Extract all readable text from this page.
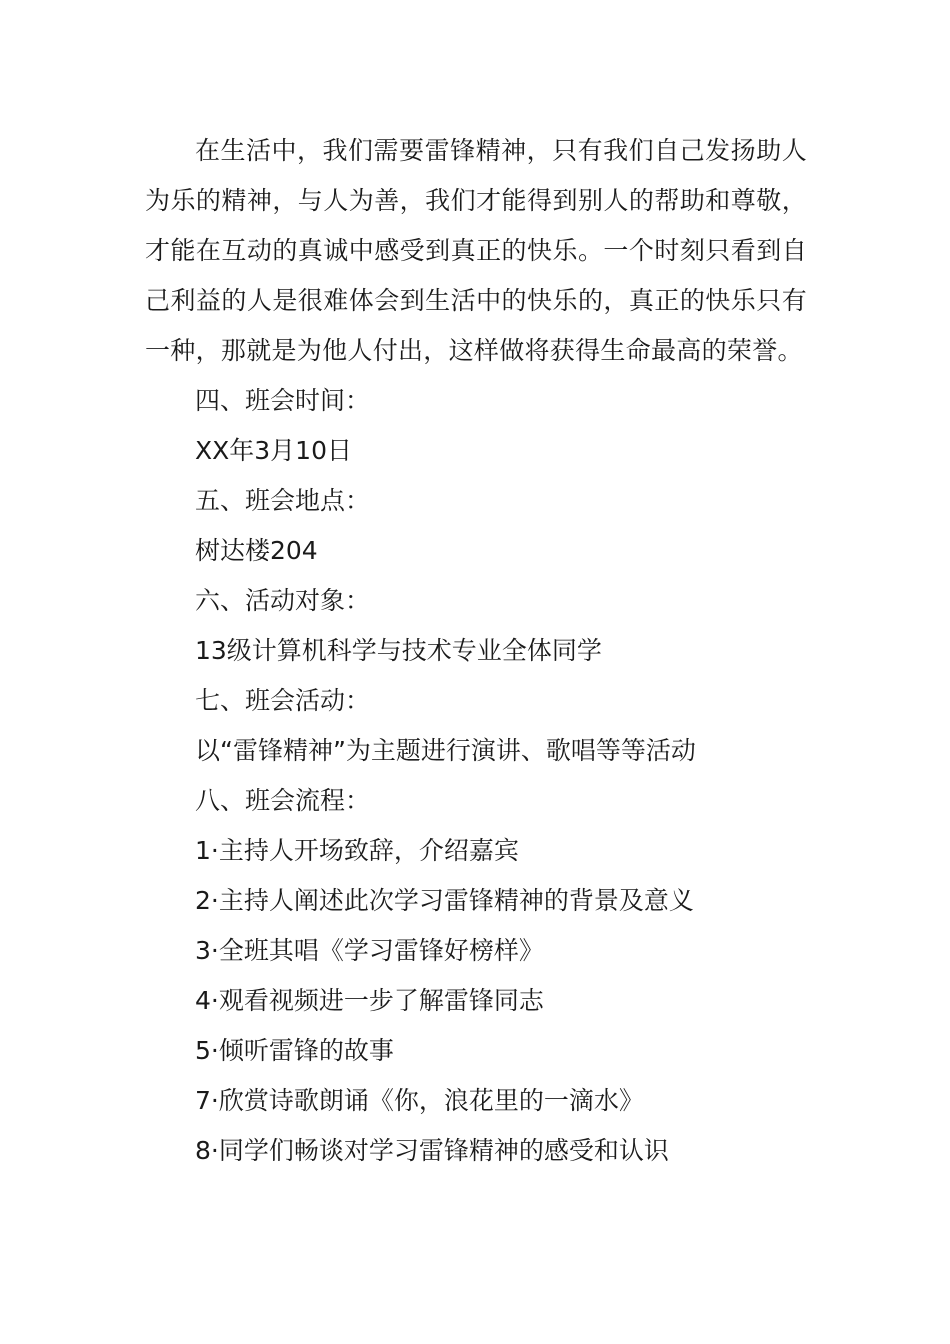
在生活中，我们需要雷锋精神，只有我们自己发扬助人为乐的精神，与人为善，我们才能得到别人的帮助和尊敬，才能在互动的真诚中感受到真正的快乐。一个时刻只看到自己利益的人是很难体会到生活中的快乐的，真正的快乐只有一种，那就是为他人付出，这样做将获得生命最高的荣誉。

四、班会时间：

XX年3月10日

五、班会地点：

树达楼204

六、活动对象：

13级计算机科学与技术专业全体同学

七、班会活动：

以“雷锋精神”为主题进行演讲、歌唱等等活动

八、班会流程：

1·主持人开场致辞，介绍嘉宾

2·主持人阐述此次学习雷锋精神的背景及意义

3·全班其唱《学习雷锋好榜样》

4·观看视频进一步了解雷锋同志

5·倾听雷锋的故事

7·欣赏诗歌朗诵《你，浪花里的一滴水》

8·同学们畅谈对学习雷锋精神的感受和认识
